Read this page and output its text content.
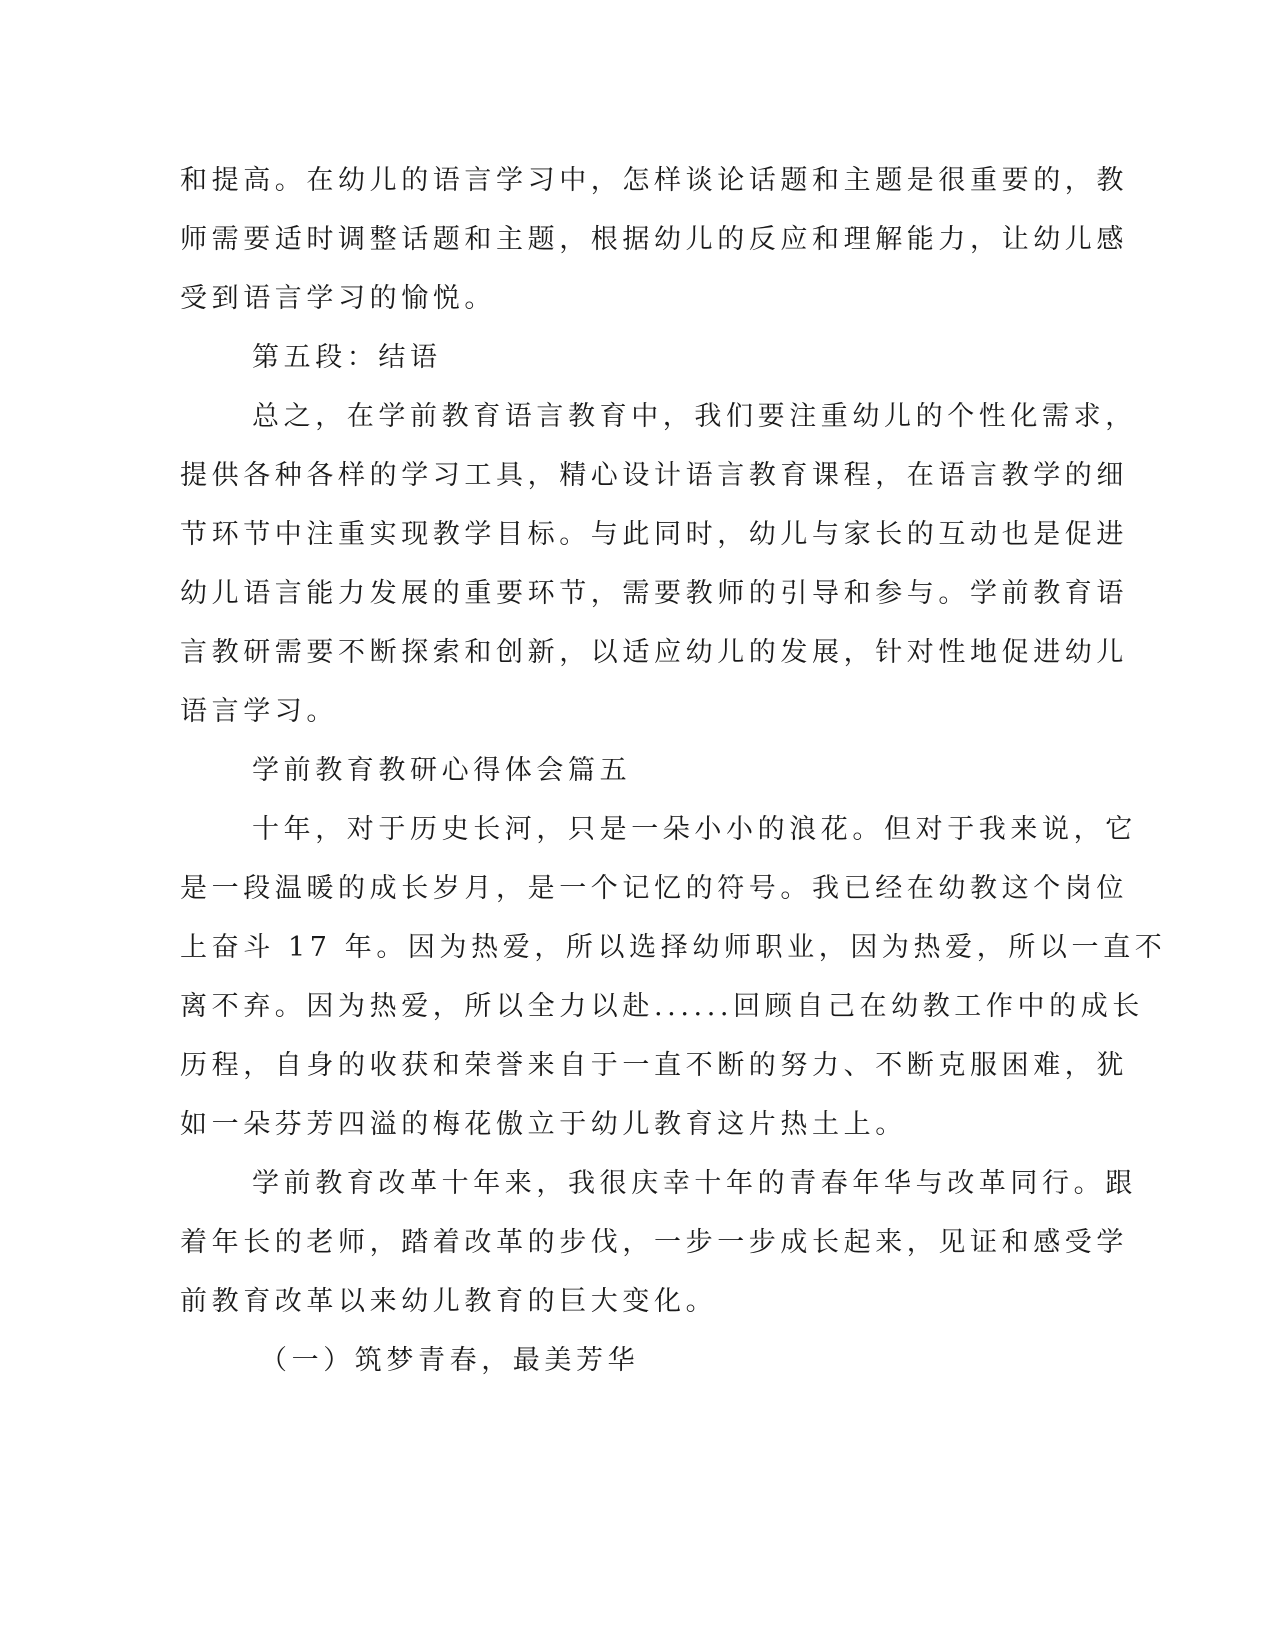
和提高。在幼儿的语言学习中，怎样谈论话题和主题是很重要的，教
师需要适时调整话题和主题，根据幼儿的反应和理解能力，让幼儿感
受到语言学习的愉悦。
第五段：结语
总之，在学前教育语言教育中，我们要注重幼儿的个性化需求，
提供各种各样的学习工具，精心设计语言教育课程，在语言教学的细
节环节中注重实现教学目标。与此同时，幼儿与家长的互动也是促进
幼儿语言能力发展的重要环节，需要教师的引导和参与。学前教育语
言教研需要不断探索和创新，以适应幼儿的发展，针对性地促进幼儿
语言学习。
学前教育教研心得体会篇五
十年，对于历史长河，只是一朵小小的浪花。但对于我来说，它
是一段温暖的成长岁月，是一个记忆的符号。我已经在幼教这个岗位
上奋斗 17 年。因为热爱，所以选择幼师职业，因为热爱，所以一直不
离不弃。因为热爱，所以全力以赴......回顾自己在幼教工作中的成长
历程，自身的收获和荣誉来自于一直不断的努力、不断克服困难，犹
如一朵芬芳四溢的梅花傲立于幼儿教育这片热土上。
学前教育改革十年来，我很庆幸十年的青春年华与改革同行。跟
着年长的老师，踏着改革的步伐，一步一步成长起来，见证和感受学
前教育改革以来幼儿教育的巨大变化。
（一）筑梦青春，最美芳华
